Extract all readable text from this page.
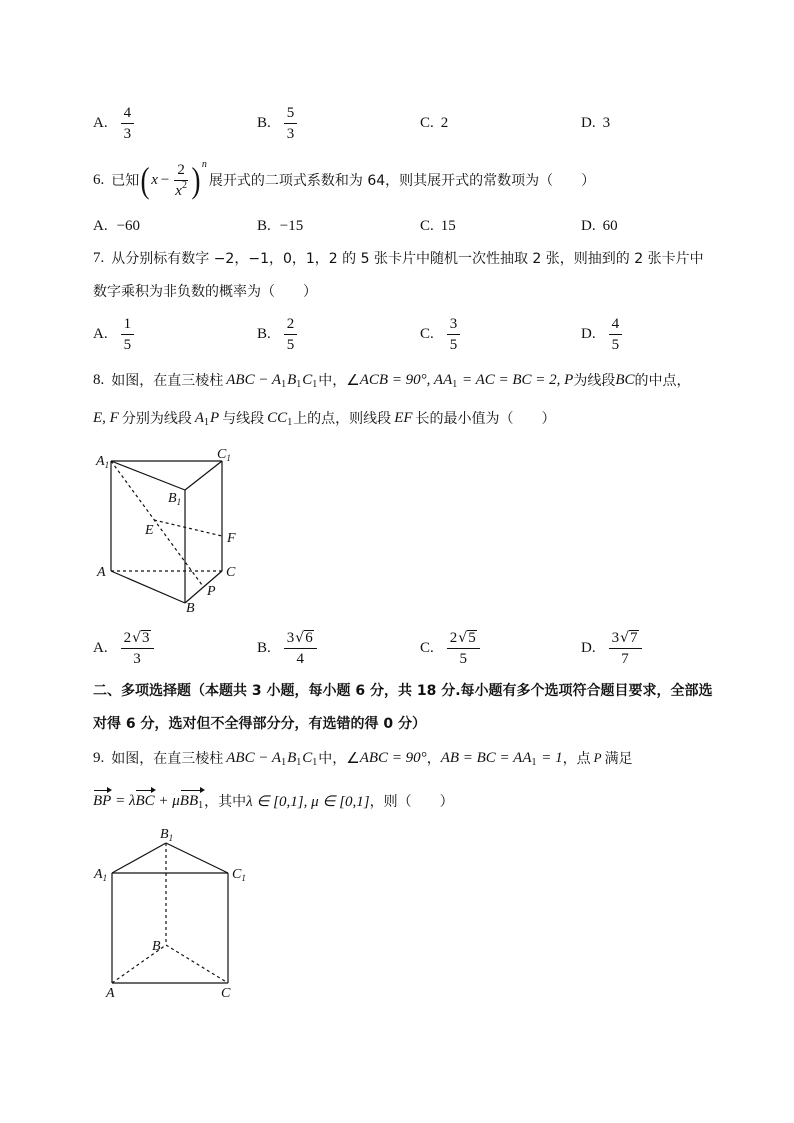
A. $\frac{4}{3}$	B. $\frac{5}{3}$	C. 2	D. 3
6. 已知 ( $x - \frac{2}{x 2}$ ) n
展开式的二项式系数和为 64，则其展开式的常数项为（　　）
A. −60	B. −15	C. 15	D. 60
7. 从分别标有数字 −2，−1，0，1，2 的 5 张卡片中随机一次性抽取 2 张，则抽到的 2 张卡片中
数字乘积为非负数的概率为（　　）
A. $\frac{1}{5}$	B. $\frac{2}{5}$	C. $\frac{3}{5}$	D. $\frac{4}{5}$
8. 如图，在直三棱柱 ABC − A 1 B 1 C 1 中， ∠ ACB = 90°, AA 1 = AC = BC = 2, P 为线段 BC 的中点，
E, F 分别为线段 A 1 P 与线段 CC 1 上的点，则线段 EF 长的最小值为（　　）
$A_1$
$C_1$
$B_1$
E
F
A	C
P
B
A. $\frac{2 √ 3}{3}$	B. $\frac{3 √ 6}{4}$	C. $\frac{2 √ 5}{5}$	D. $\frac{3 √ 7}{7}$
二、多项选择题（本题共 3 小题，每小题 6 分，共 18 分.每小题有多个选项符合题目要求，全部选
对得 6 分，选对但不全得部分分，有选错的得 0 分）
9. 如图，在直三棱柱 ABC − A 1 B 1 C 1 中， ∠ ABC = 90° ， AB = BC = AA 1 = 1 ，点 P 满足
BP = λ BC + μ BB 1 ，其中 λ ∈ [0,1], μ ∈ [0,1] ，则（　　）
$B_1$
$A_1$	$C_1$
B
A	C
